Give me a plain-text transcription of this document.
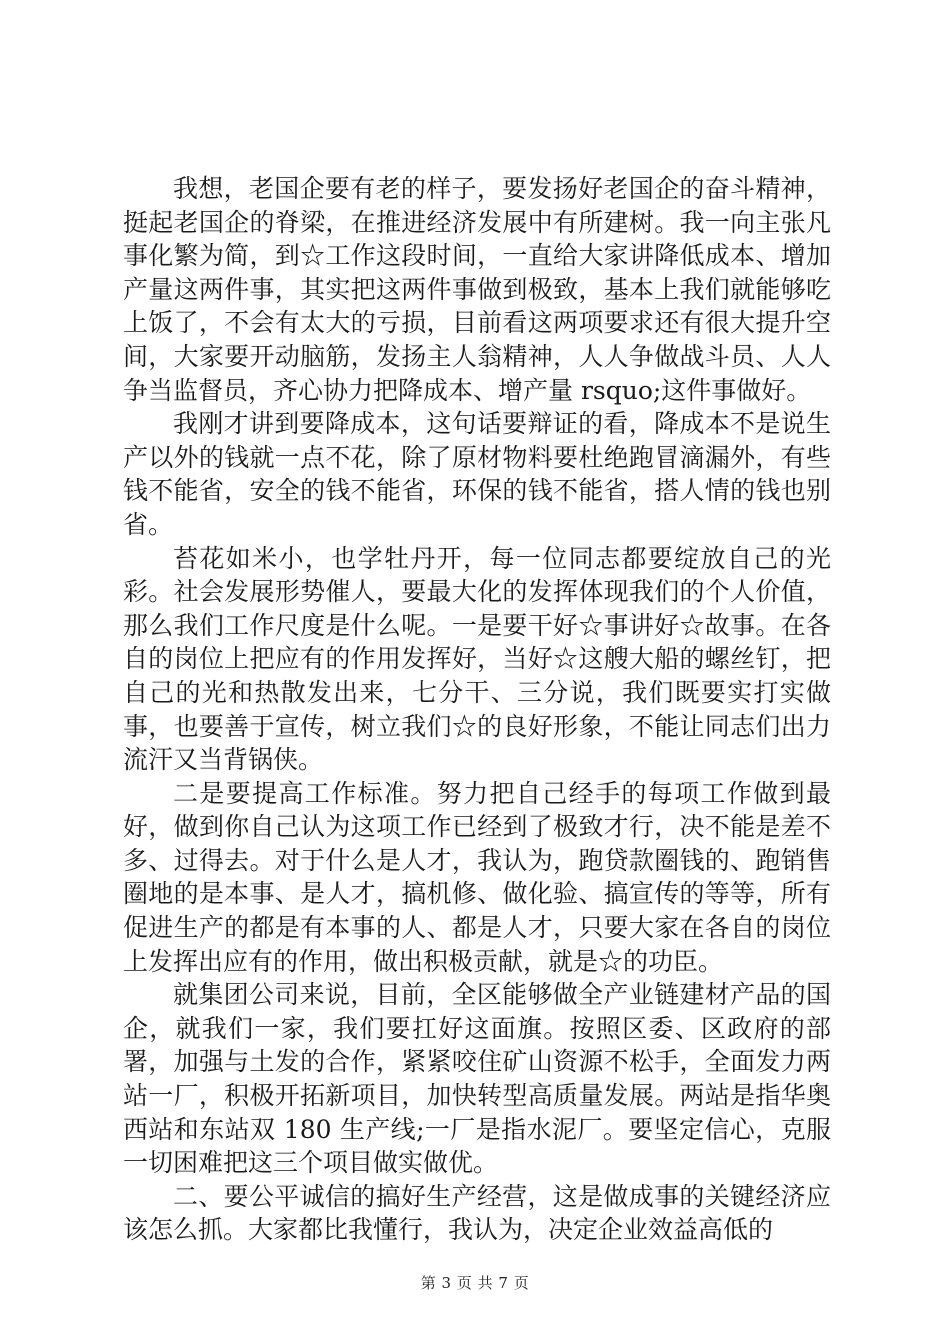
我想，老国企要有老的样子，要发扬好老国企的奋斗精神，挺起老国企的脊梁，在推进经济发展中有所建树。我一向主张凡事化繁为简，到☆工作这段时间，一直给大家讲降低成本、增加产量这两件事，其实把这两件事做到极致，基本上我们就能够吃上饭了，不会有太大的亏损，目前看这两项要求还有很大提升空间，大家要开动脑筋，发扬主人翁精神，人人争做战斗员、人人争当监督员，齐心协力把降成本、增产量 rsquo;这件事做好。

我刚才讲到要降成本，这句话要辩证的看，降成本不是说生产以外的钱就一点不花，除了原材物料要杜绝跑冒滴漏外，有些钱不能省，安全的钱不能省，环保的钱不能省，搭人情的钱也别省。

苔花如米小，也学牡丹开，每一位同志都要绽放自己的光彩。社会发展形势催人，要最大化的发挥体现我们的个人价值，那么我们工作尺度是什么呢。一是要干好☆事讲好☆故事。在各自的岗位上把应有的作用发挥好，当好☆这艘大船的螺丝钉，把自己的光和热散发出来，七分干、三分说，我们既要实打实做事，也要善于宣传，树立我们☆的良好形象，不能让同志们出力流汗又当背锅侠。

二是要提高工作标准。努力把自己经手的每项工作做到最好，做到你自己认为这项工作已经到了极致才行，决不能是差不多、过得去。对于什么是人才，我认为，跑贷款圈钱的、跑销售圈地的是本事、是人才，搞机修、做化验、搞宣传的等等，所有促进生产的都是有本事的人、都是人才，只要大家在各自的岗位上发挥出应有的作用，做出积极贡献，就是☆的功臣。

就集团公司来说，目前，全区能够做全产业链建材产品的国企，就我们一家，我们要扛好这面旗。按照区委、区政府的部署，加强与土发的合作，紧紧咬住矿山资源不松手，全面发力两站一厂，积极开拓新项目，加快转型高质量发展。两站是指华奥西站和东站双 180 生产线;一厂是指水泥厂。要坚定信心，克服一切困难把这三个项目做实做优。

二、要公平诚信的搞好生产经营，这是做成事的关键经济应该怎么抓。大家都比我懂行，我认为，决定企业效益高低的

第 3 页 共 7 页
